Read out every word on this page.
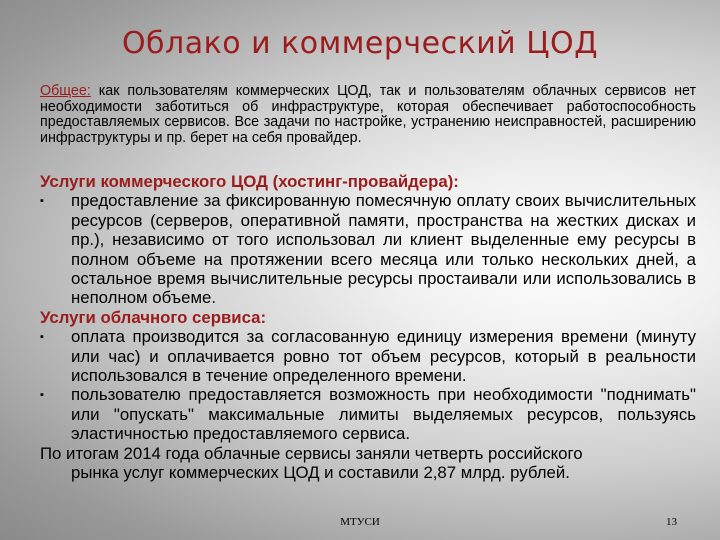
Облако и коммерческий ЦОД
Общее: как пользователям коммерческих ЦОД, так и пользователям облачных сервисов нет необходимости заботиться об инфраструктуре, которая обеспечивает работоспособность предоставляемых сервисов. Все задачи по настройке, устранению неисправностей, расширению инфраструктуры и пр. берет на себя провайдер.
Услуги коммерческого ЦОД (хостинг-провайдера):
▪	предоставление за фиксированную помесячную оплату своих вычислительных ресурсов (серверов, оперативной памяти, пространства на жестких дисках и пр.), независимо от того использовал ли клиент выделенные ему ресурсы в полном объеме на протяжении всего месяца или только нескольких дней, а остальное время вычислительные ресурсы простаивали или использовались в неполном объеме.
Услуги облачного сервиса:
▪	оплата производится за согласованную единицу измерения времени (минуту или час) и оплачивается ровно тот объем ресурсов, который в реальности использовался в течение определенного времени.
▪	пользователю предоставляется возможность при необходимости "поднимать" или "опускать" максимальные лимиты выделяемых ресурсов, пользуясь эластичностью предоставляемого сервиса.
По итогам 2014 года облачные сервисы заняли четверть российского
рынка услуг коммерческих ЦОД и составили 2,87 млрд. рублей.
МТУСИ	13
